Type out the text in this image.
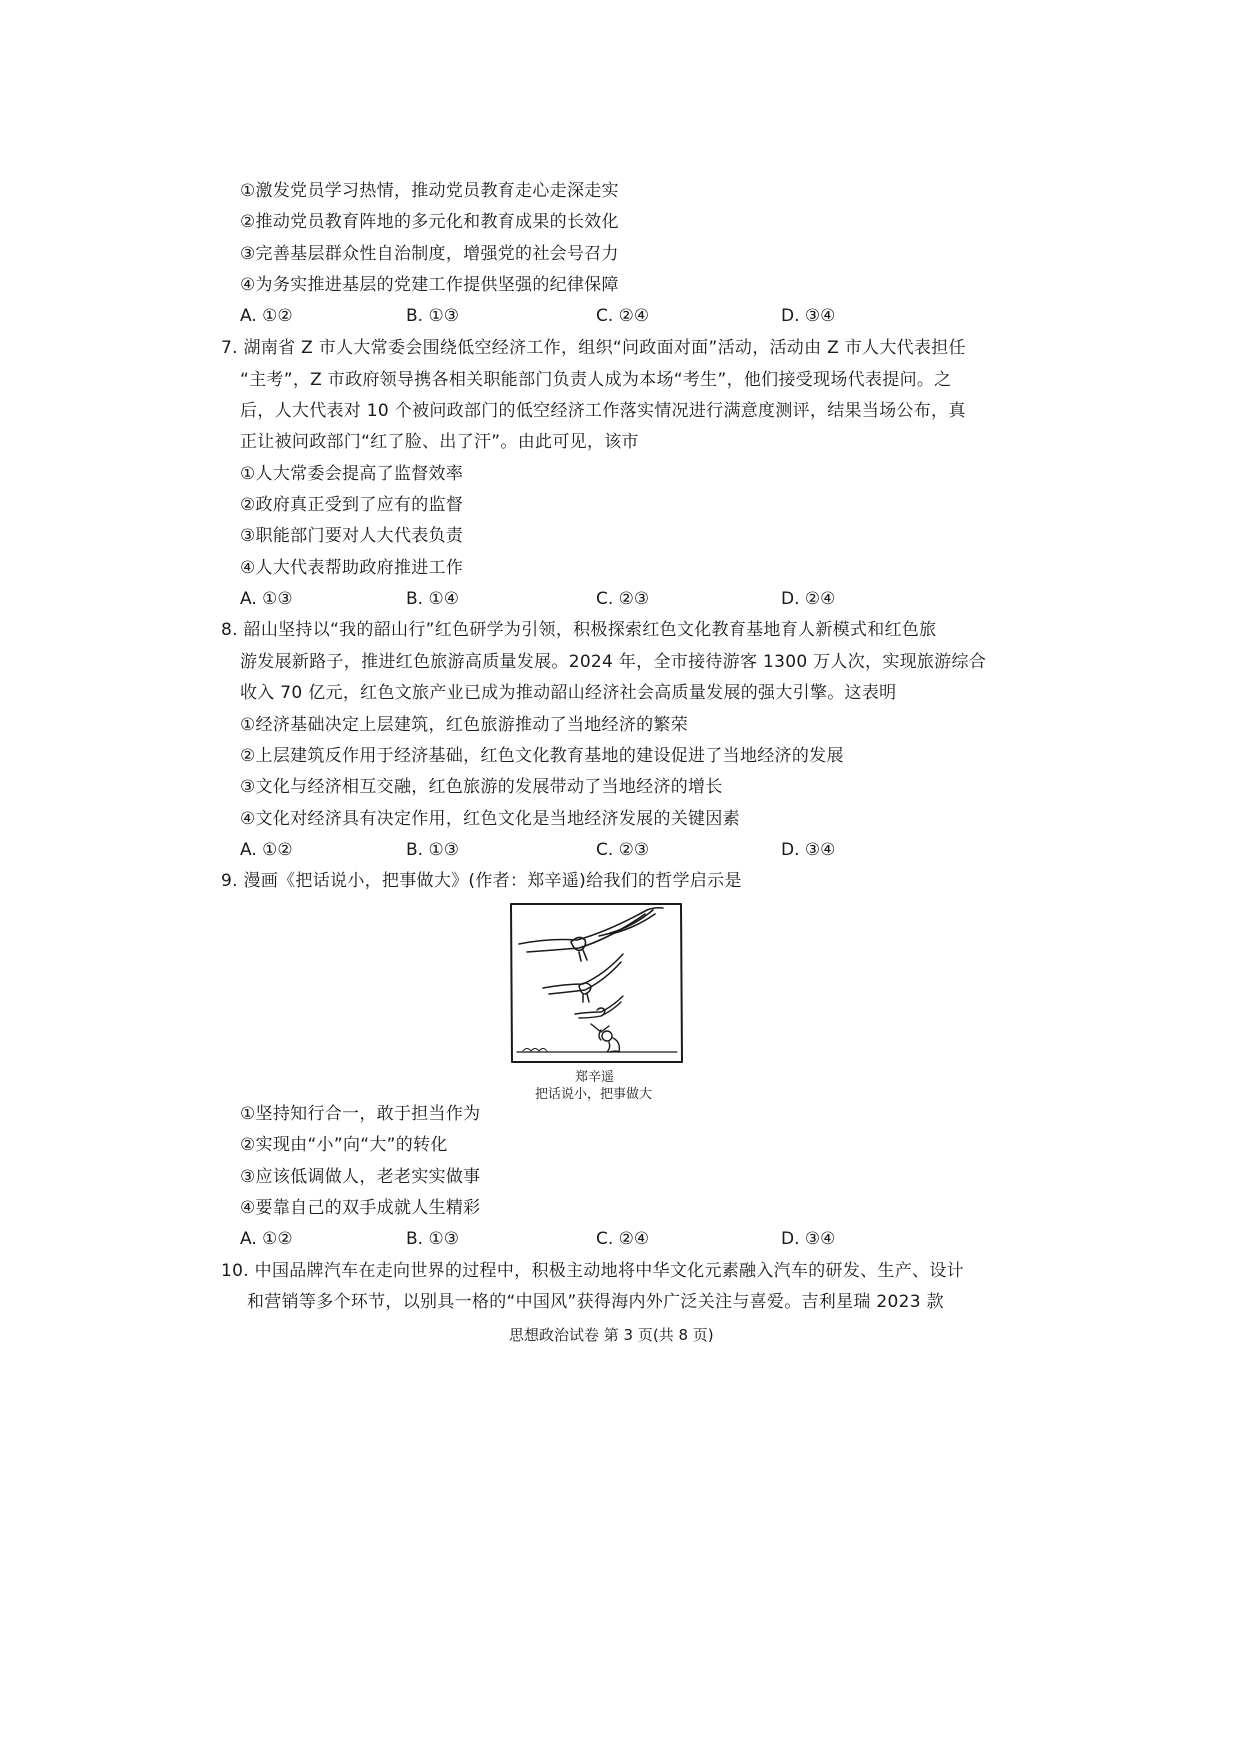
①激发党员学习热情，推动党员教育走心走深走实
②推动党员教育阵地的多元化和教育成果的长效化
③完善基层群众性自治制度，增强党的社会号召力
④为务实推进基层的党建工作提供坚强的纪律保障
A. ①②	B. ①③	C. ②④	D. ③④
7. 湖南省 Z 市人大常委会围绕低空经济工作，组织“问政面对面”活动，活动由 Z 市人大代表担任
“主考”，Z 市政府领导携各相关职能部门负责人成为本场“考生”，他们接受现场代表提问。之
后，人大代表对 10 个被问政部门的低空经济工作落实情况进行满意度测评，结果当场公布，真
正让被问政部门“红了脸、出了汗”。由此可见，该市
①人大常委会提高了监督效率
②政府真正受到了应有的监督
③职能部门要对人大代表负责
④人大代表帮助政府推进工作
A. ①③	B. ①④	C. ②③	D. ②④
8. 韶山坚持以“我的韶山行”红色研学为引领，积极探索红色文化教育基地育人新模式和红色旅
游发展新路子，推进红色旅游高质量发展。2024 年，全市接待游客 1300 万人次，实现旅游综合
收入 70 亿元，红色文旅产业已成为推动韶山经济社会高质量发展的强大引擎。这表明
①经济基础决定上层建筑，红色旅游推动了当地经济的繁荣
②上层建筑反作用于经济基础，红色文化教育基地的建设促进了当地经济的发展
③文化与经济相互交融，红色旅游的发展带动了当地经济的增长
④文化对经济具有决定作用，红色文化是当地经济发展的关键因素
A. ①②	B. ①③	C. ②③	D. ③④
9. 漫画《把话说小，把事做大》(作者：郑辛遥)给我们的哲学启示是
郑辛遥
把话说小，把事做大
①坚持知行合一，敢于担当作为
②实现由“小”向“大”的转化
③应该低调做人，老老实实做事
④要靠自己的双手成就人生精彩
A. ①②	B. ①③	C. ②④	D. ③④
10. 中国品牌汽车在走向世界的过程中，积极主动地将中华文化元素融入汽车的研发、生产、设计
和营销等多个环节，以别具一格的“中国风”获得海内外广泛关注与喜爱。吉利星瑞 2023 款
思想政治试卷 第 3 页(共 8 页)
